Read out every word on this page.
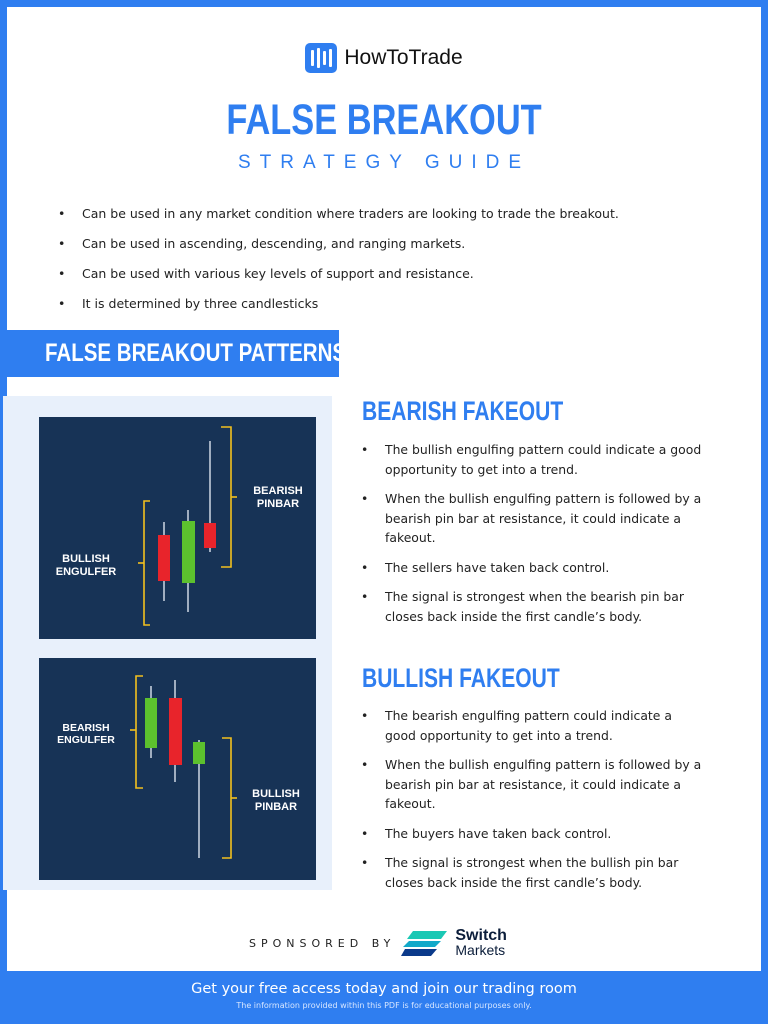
HowToTrade
FALSE BREAKOUT
STRATEGY GUIDE
• Can be used in any market condition where traders are looking to trade the breakout.
• Can be used in ascending, descending, and ranging markets.
• Can be used with various key levels of support and resistance.
• It is determined by three candlesticks
FALSE BREAKOUT PATTERNS
BULLISH
ENGULFER
BEARISH
PINBAR
BEARISH
ENGULFER
BULLISH
PINBAR
BEARISH FAKEOUT
• The bullish engulfing pattern could indicate a good opportunity to get into a trend.
• When the bullish engulfing pattern is followed by a bearish pin bar at resistance, it could indicate a fakeout.
• The sellers have taken back control.
• The signal is strongest when the bearish pin bar closes back inside the first candle’s body.
BULLISH FAKEOUT
• The bearish engulfing pattern could indicate a good opportunity to get into a trend.
• When the bullish engulfing pattern is followed by a bearish pin bar at resistance, it could indicate a fakeout.
• The buyers have taken back control.
• The signal is strongest when the bullish pin bar closes back inside the first candle’s body.
SPONSORED BY	Switch
Markets
Get your free access today and join our trading room
The information provided within this PDF is for educational purposes only.
